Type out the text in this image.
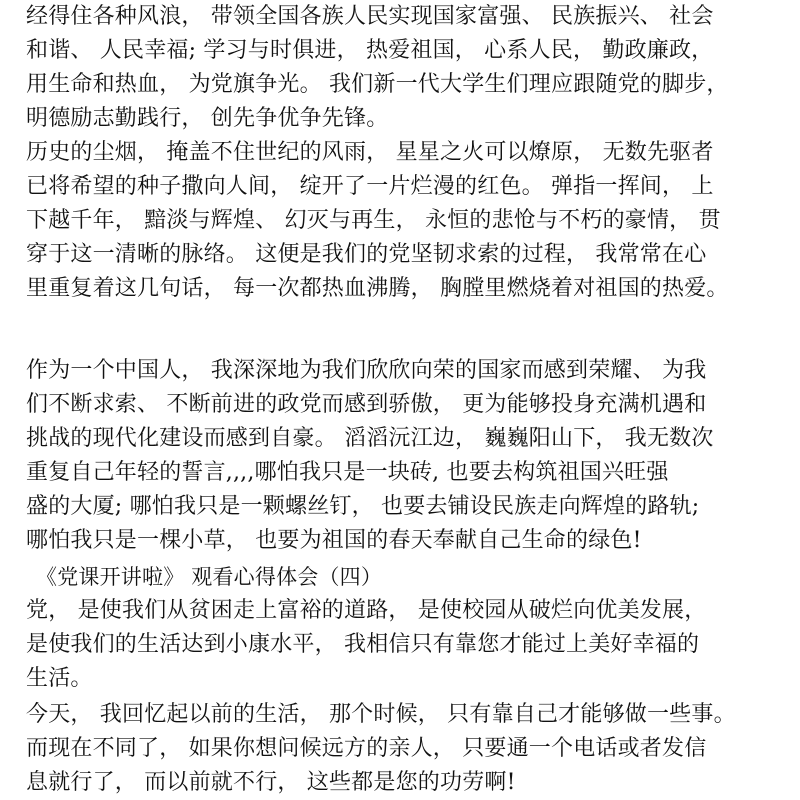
经得住各种风浪， 带领全国各族人民实现国家富强、 民族振兴、 社会
和谐、 人民幸福; 学习与时俱进， 热爱祖国， 心系人民， 勤政廉政，
用生命和热血， 为党旗争光。 我们新一代大学生们理应跟随党的脚步，
明德励志勤践行， 创先争优争先锋。
历史的尘烟， 掩盖不住世纪的风雨， 星星之火可以燎原， 无数先驱者
已将希望的种子撒向人间， 绽开了一片烂漫的红色。 弹指一挥间， 上
下越千年， 黯淡与辉煌、 幻灭与再生， 永恒的悲怆与不朽的豪情， 贯
穿于这一清晰的脉络。 这便是我们的党坚韧求索的过程， 我常常在心
里重复着这几句话， 每一次都热血沸腾， 胸膛里燃烧着对祖国的热爱。
作为一个中国人， 我深深地为我们欣欣向荣的国家而感到荣耀、 为我
们不断求索、 不断前进的政党而感到骄傲， 更为能够投身充满机遇和
挑战的现代化建设而感到自豪。 滔滔沅江边， 巍巍阳山下， 我无数次
重复自己年轻的誓言,,,,哪怕我只是一块砖, 也要去构筑祖国兴旺强
盛的大厦; 哪怕我只是一颗螺丝钉， 也要去铺设民族走向辉煌的路轨;
哪怕我只是一棵小草， 也要为祖国的春天奉献自己生命的绿色!
《党课开讲啦》 观看心得体会（四）
党， 是使我们从贫困走上富裕的道路， 是使校园从破烂向优美发展，
是使我们的生活达到小康水平， 我相信只有靠您才能过上美好幸福的
生活。
今天， 我回忆起以前的生活， 那个时候， 只有靠自己才能够做一些事。
而现在不同了， 如果你想问候远方的亲人， 只要通一个电话或者发信
息就行了， 而以前就不行， 这些都是您的功劳啊!
